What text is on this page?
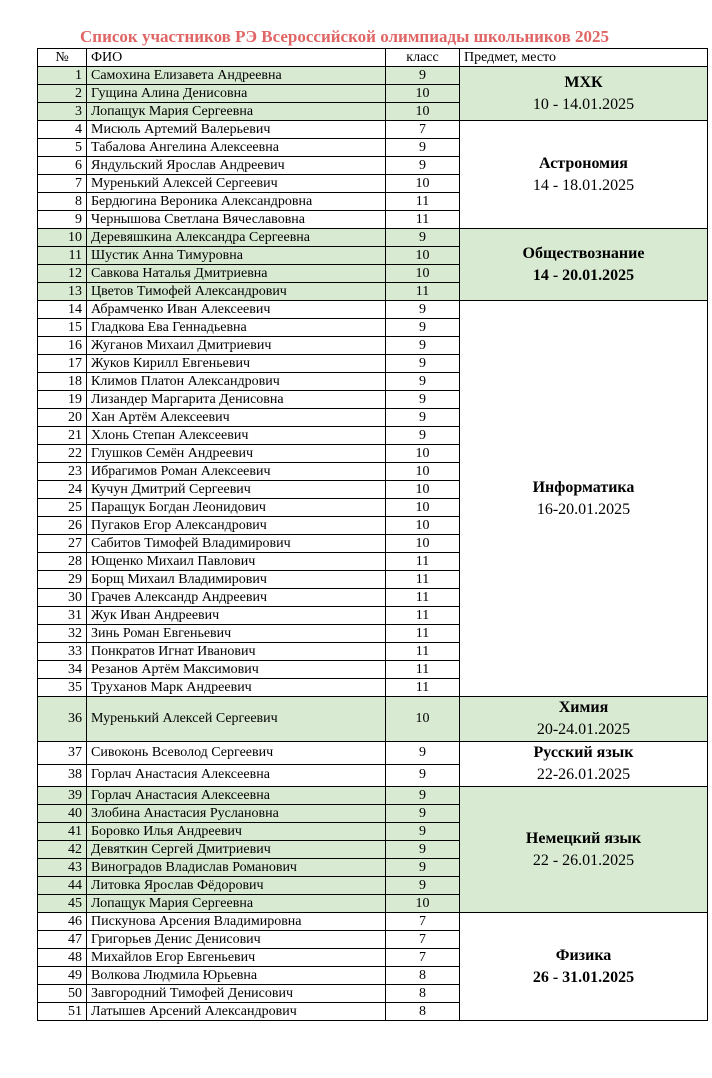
Список участников РЭ Всероссийской олимпиады школьников 2025
№	ФИО	класс	Предмет, место
1	Самохина Елизавета Андреевна	9	МХК
10 - 14.01.2025

2	Гущина Алина Денисовна	10	
3	Лопащук Мария Сергеевна	10	
4	Мисюль Артемий Валерьевич	7	Астрономия
14 - 18.01.2025

5	Табалова Ангелина Алексеевна	9	
6	Яндульский Ярослав Андреевич	9	
7	Муренький Алексей Сергеевич	10	
8	Бердюгина Вероника Александровна	11	
9	Чернышова Светлана Вячеславовна	11	
10	Деревяшкина Александра Сергеевна	9	Обществознание
14 - 20.01.2025

11	Шустик Анна Тимуровна	10	
12	Савкова Наталья Дмитриевна	10	
13	Цветов Тимофей Александрович	11	
14	Абрамченко Иван Алексеевич	9	Информатика
16-20.01.2025

15	Гладкова Ева Геннадьевна	9	
16	Жуганов Михаил Дмитриевич	9	
17	Жуков Кирилл Евгеньевич	9	
18	Климов Платон Александрович	9	
19	Лизандер Маргарита Денисовна	9	
20	Хан Артём Алексеевич	9	
21	Хлонь Степан Алексеевич	9	
22	Глушков Семён Андреевич	10	
23	Ибрагимов Роман Алексеевич	10	
24	Кучун Дмитрий Сергеевич	10	
25	Паращук Богдан Леонидович	10	
26	Пугаков Егор Александрович	10	
27	Сабитов Тимофей Владимирович	10	
28	Ющенко Михаил Павлович	11	
29	Борщ Михаил Владимирович	11	
30	Грачев Александр Андреевич	11	
31	Жук Иван Андреевич	11	
32	Зинь Роман Евгеньевич	11	
33	Понкратов Игнат Иванович	11	
34	Резанов Артём Максимович	11	
35	Труханов Марк Андреевич	11	
36	Муренький Алексей Сергеевич	10	Химия
20-24.01.2025

37	Сивоконь Всеволод Сергеевич	9	Русский язык
22-26.01.2025

38	Горлач Анастасия Алексеевна	9	
39	Горлач Анастасия Алексеевна	9	Немецкий язык
22 - 26.01.2025

40	Злобина Анастасия Руслановна	9	
41	Боровко Илья Андреевич	9	
42	Девяткин Сергей Дмитриевич	9	
43	Виноградов Владислав Романович	9	
44	Литовка Ярослав Фёдорович	9	
45	Лопащук Мария Сергеевна	10	
46	Пискунова Арсения Владимировна	7	Физика
26 - 31.01.2025

47	Григорьев Денис Денисович	7	
48	Михайлов Егор Евгеньевич	7	
49	Волкова Людмила Юрьевна	8	
50	Завгородний Тимофей Денисович	8	
51	Латышев Арсений Александрович	8	
